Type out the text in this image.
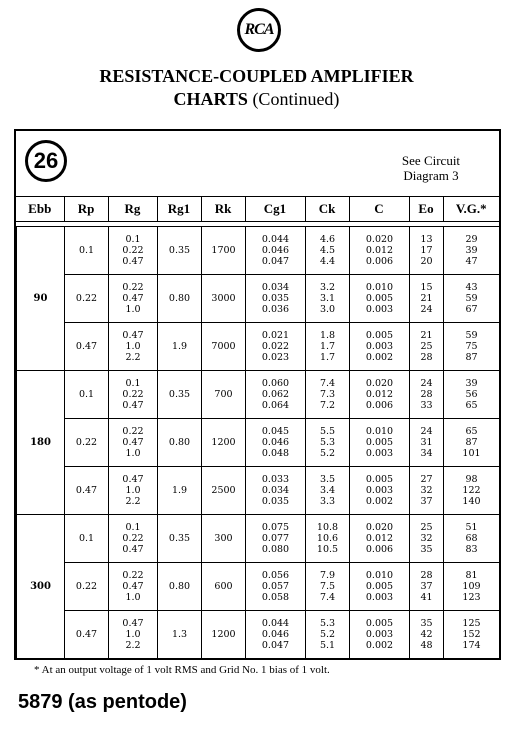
RCA
RESISTANCE-COUPLED AMPLIFIER
CHARTS (Continued)
26	See Circuit
Diagram 3
Ebb	Rp	Rg	Rg1	Rk	Cg1	Ck	C	Eo	V.G.*
90	0.1	0.1
0.22
0.47	0.35	1700	0.044
0.046
0.047	4.6
4.5
4.4	0.020
0.012
0.006	13
17
20	29
39
47
	0.22	0.22
0.47
1.0	0.80	3000	0.034
0.035
0.036	3.2
3.1
3.0	0.010
0.005
0.003	15
21
24	43
59
67
	0.47	0.47
1.0
2.2	1.9	7000	0.021
0.022
0.023	1.8
1.7
1.7	0.005
0.003
0.002	21
25
28	59
75
87
180	0.1	0.1
0.22
0.47	0.35	700	0.060
0.062
0.064	7.4
7.3
7.2	0.020
0.012
0.006	24
28
33	39
56
65
	0.22	0.22
0.47
1.0	0.80	1200	0.045
0.046
0.048	5.5
5.3
5.2	0.010
0.005
0.003	24
31
34	65
87
101
	0.47	0.47
1.0
2.2	1.9	2500	0.033
0.034
0.035	3.5
3.4
3.3	0.005
0.003
0.002	27
32
37	98
122
140
300	0.1	0.1
0.22
0.47	0.35	300	0.075
0.077
0.080	10.8
10.6
10.5	0.020
0.012
0.006	25
32
35	51
68
83
	0.22	0.22
0.47
1.0	0.80	600	0.056
0.057
0.058	7.9
7.5
7.4	0.010
0.005
0.003	28
37
41	81
109
123
	0.47	0.47
1.0
2.2	1.3	1200	0.044
0.046
0.047	5.3
5.2
5.1	0.005
0.003
0.002	35
42
48	125
152
174
* At an output voltage of 1 volt RMS and Grid No. 1 bias of 1 volt.
5879 (as pentode)
